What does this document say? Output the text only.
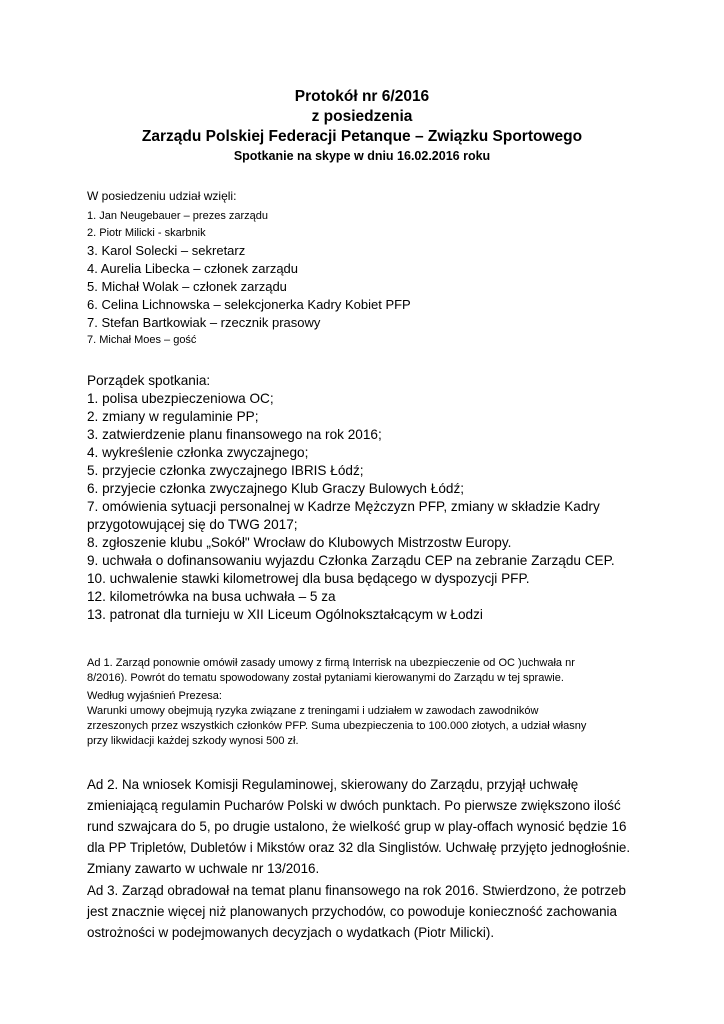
Protokół nr 6/2016
z posiedzenia
Zarządu Polskiej Federacji Petanque – Związku Sportowego
Spotkanie na skype w dniu 16.02.2016 roku
W posiedzeniu udział wzięli:
1. Jan Neugebauer – prezes zarządu
2. Piotr Milicki - skarbnik
3. Karol Solecki – sekretarz
4. Aurelia Libecka – członek zarządu
5. Michał Wolak – członek zarządu
6. Celina Lichnowska – selekcjonerka Kadry Kobiet PFP
7. Stefan Bartkowiak – rzecznik prasowy
7. Michał Moes – gość
Porządek spotkania:
1. polisa ubezpieczeniowa OC;
2. zmiany w regulaminie PP;
3. zatwierdzenie planu finansowego na rok 2016;
4. wykreślenie członka zwyczajnego;
5. przyjecie członka zwyczajnego IBRIS Łódź;
6. przyjecie członka zwyczajnego Klub Graczy Bulowych Łódź;
7. omówienia sytuacji personalnej w Kadrze Mężczyzn PFP, zmiany w składzie Kadry
przygotowującej się do TWG 2017;
8. zgłoszenie klubu „Sokół" Wrocław do Klubowych Mistrzostw Europy.
9. uchwała o dofinansowaniu wyjazdu Członka Zarządu CEP na zebranie Zarządu CEP.
10. uchwalenie stawki kilometrowej dla busa będącego w dyspozycji PFP.
12. kilometrówka na busa uchwała – 5 za
13. patronat dla turnieju w XII Liceum Ogólnokształcącym w Łodzi
Ad 1. Zarząd ponownie omówił zasady umowy z firmą Interrisk na ubezpieczenie od OC )uchwała nr
8/2016). Powrót do tematu spowodowany został pytaniami kierowanymi do Zarządu w tej sprawie.
Według wyjaśnień Prezesa:
Warunki umowy obejmują ryzyka związane z treningami i udziałem w zawodach zawodników
zrzeszonych przez wszystkich członków PFP. Suma ubezpieczenia to 100.000 złotych, a udział własny
przy likwidacji każdej szkody wynosi 500 zł.
Ad 2. Na wniosek Komisji Regulaminowej, skierowany do Zarządu, przyjął uchwałę
zmieniającą regulamin Pucharów Polski w dwóch punktach. Po pierwsze zwiększono ilość
rund szwajcara do 5, po drugie ustalono, że wielkość grup w play-offach wynosić będzie 16
dla PP Tripletów, Dubletów i Mikstów oraz 32 dla Singlistów. Uchwałę przyjęto jednogłośnie.
Zmiany zawarto w uchwale nr 13/2016.
Ad 3. Zarząd obradował na temat planu finansowego na rok 2016. Stwierdzono, że potrzeb
jest znacznie więcej niż planowanych przychodów, co powoduje konieczność zachowania
ostrożności w podejmowanych decyzjach o wydatkach (Piotr Milicki).
